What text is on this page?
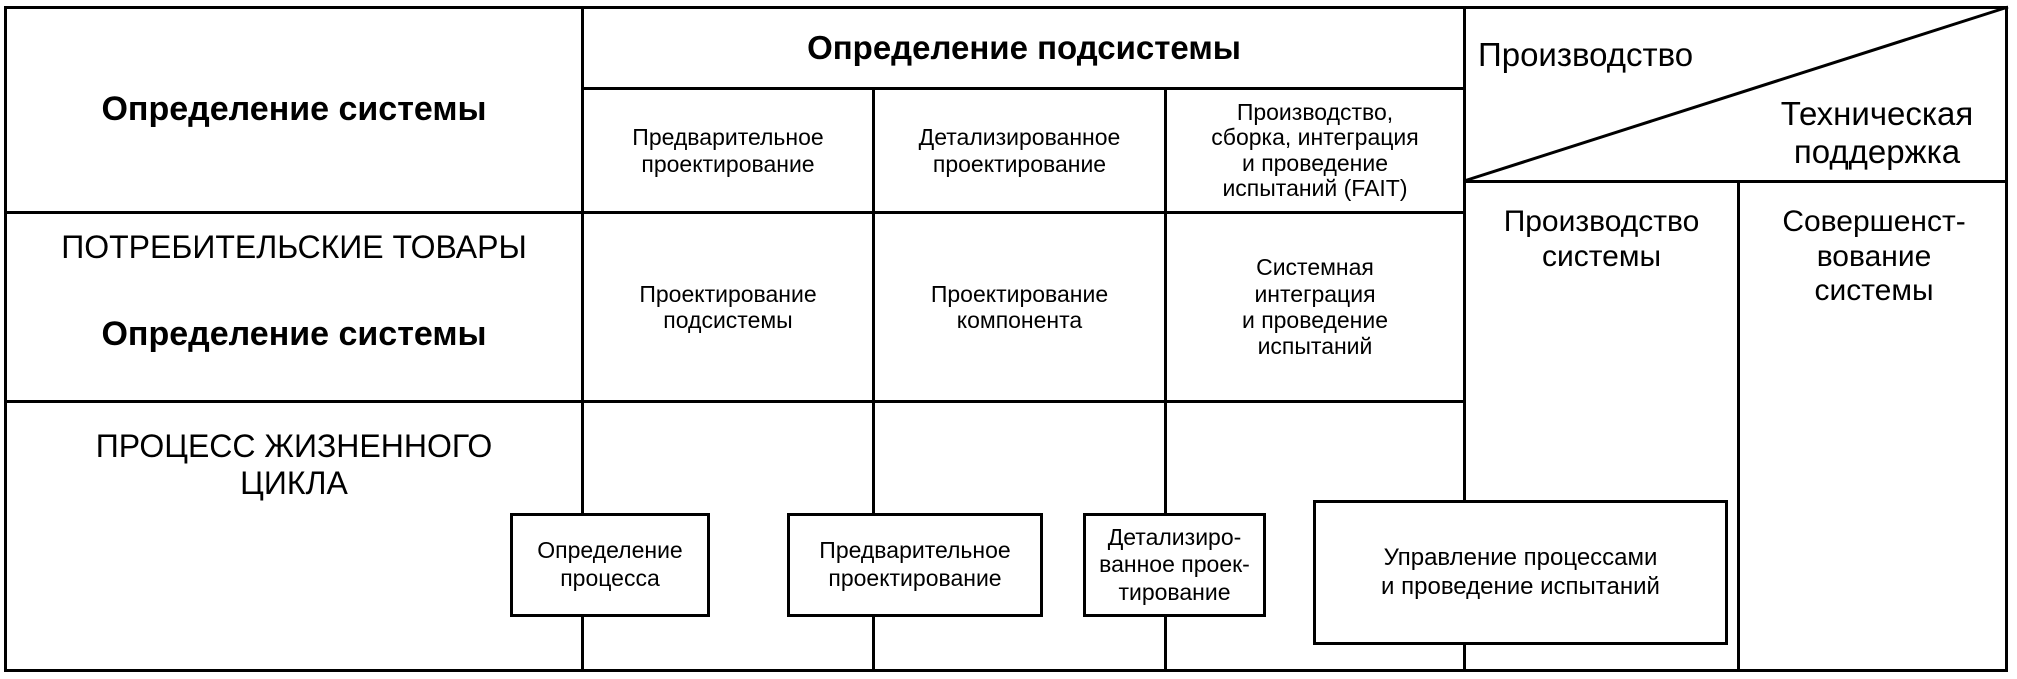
Определение системы
Определение подсистемы	Производство
Техническая
поддержка
Предварительное
проектирование
Детализированное
проектирование
Производство,
сборка, интеграция
и проведение
испытаний (FAIT)
ПОТРЕБИТЕЛЬСКИЕ ТОВАРЫ
Определение системы
Проектирование
подсистемы
Проектирование
компонента
Системная
интеграция
и проведение
испытаний
Производство
системы
Совершенст-
вование
системы
ПРОЦЕСС ЖИЗНЕННОГО
ЦИКЛА
Определение
процесса
Предварительное
проектирование
Детализиро-
ванное проек-
тирование
Управление процессами
и проведение испытаний
